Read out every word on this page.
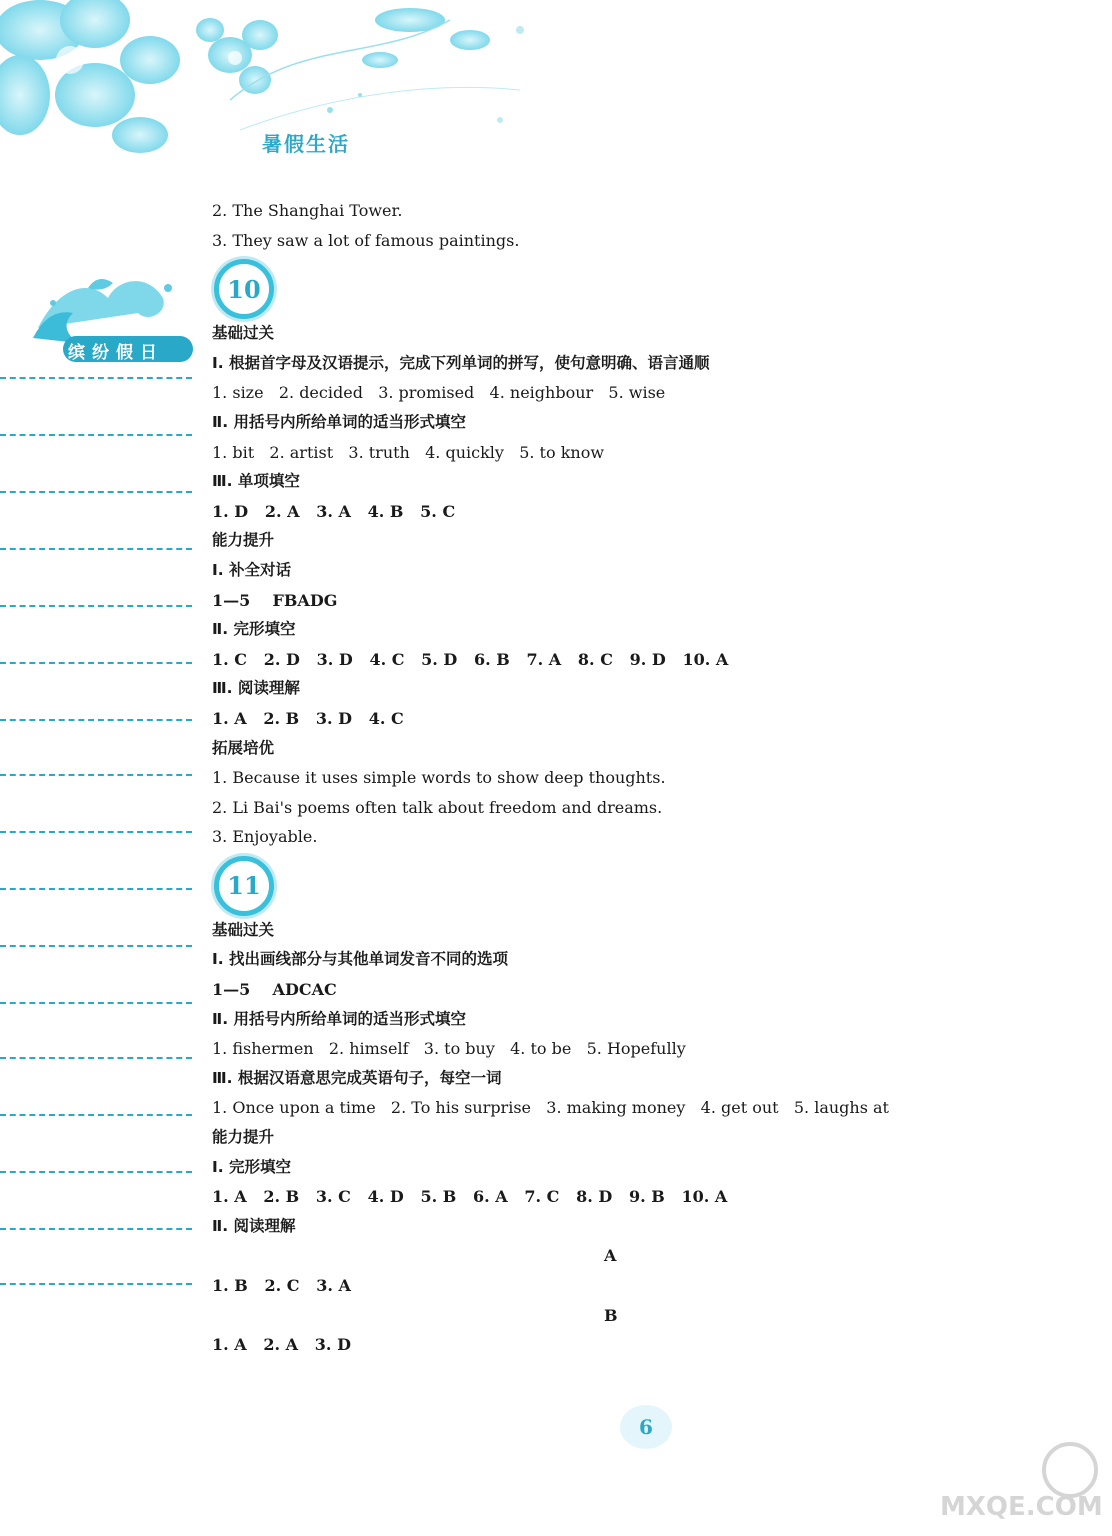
暑假生活
缤纷假日
2. The Shanghai Tower.
3. They saw a lot of famous paintings.
10
基础过关
Ⅰ. 根据首字母及汉语提示，完成下列单词的拼写，使句意明确、语言通顺
1. size   2. decided   3. promised   4. neighbour   5. wise
Ⅱ. 用括号内所给单词的适当形式填空
1. bit   2. artist   3. truth   4. quickly   5. to know
Ⅲ. 单项填空
1. D   2. A   3. A   4. B   5. C
能力提升
Ⅰ. 补全对话
1—5    FBADG
Ⅱ. 完形填空
1. C   2. D   3. D   4. C   5. D   6. B   7. A   8. C   9. D   10. A
Ⅲ. 阅读理解
1. A   2. B   3. D   4. C
拓展培优
1. Because it uses simple words to show deep thoughts.
2. Li Bai's poems often talk about freedom and dreams.
3. Enjoyable.
11
基础过关
Ⅰ. 找出画线部分与其他单词发音不同的选项
1—5    ADCAC
Ⅱ. 用括号内所给单词的适当形式填空
1. fishermen   2. himself   3. to buy   4. to be   5. Hopefully
Ⅲ. 根据汉语意思完成英语句子，每空一词
1. Once upon a time   2. To his surprise   3. making money   4. get out   5. laughs at
能力提升
Ⅰ. 完形填空
1. A   2. B   3. C   4. D   5. B   6. A   7. C   8. D   9. B   10. A
Ⅱ. 阅读理解
A
1. B   2. C   3. A
B
1. A   2. A   3. D
6
MXQE.COM
